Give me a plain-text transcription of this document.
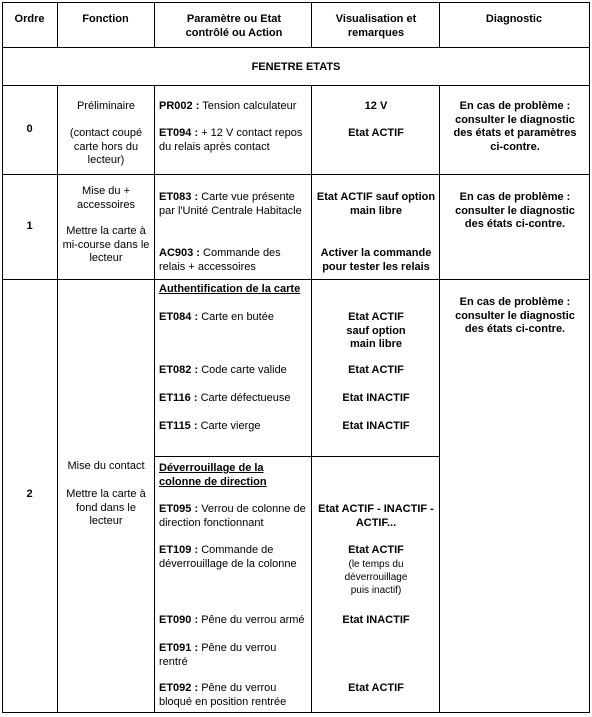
Ordre	Fonction	Paramètre ou Etat contrôlé ou Action
Visualisation et remarques
Diagnostic
FENETRE ETATS
0
Préliminaire
(contact coupé carte hors du lecteur)
PR002 : Tension calculateur
ET094 : + 12 V contact repos du relais après contact
12 V
Etat ACTIF
En cas de problème : consulter le diagnostic des états et paramètres ci-contre.
1
Mise du + accessoires
Mettre la carte à mi-course dans le lecteur
ET083 : Carte vue présente par l'Unité Centrale Habitacle
AC903 : Commande des relais + accessoires
Etat ACTIF sauf option main libre
Activer la commande pour tester les relais
En cas de problème : consulter le diagnostic des états ci-contre.
2
Mise du contact
Mettre la carte à fond dans le lecteur
En cas de problème : consulter le diagnostic des états ci-contre.
Authentification de la carte
ET084 : Carte en butée
ET082 : Code carte valide
ET116 : Carte défectueuse
ET115 : Carte vierge
Etat ACTIF sauf option main libre
Etat ACTIF
Etat INACTIF
Etat INACTIF
Déverrouillage de la colonne de direction
ET095 : Verrou de colonne de direction fonctionnant
ET109 : Commande de déverrouillage de la colonne
ET090 : Pêne du verrou armé
ET091 : Pêne du verrou rentré
ET092 : Pêne du verrou bloqué en position rentrée
Etat ACTIF - INACTIF - ACTIF...
Etat ACTIF
(le temps du déverrouillage puis inactif)
Etat INACTIF
Etat ACTIF
